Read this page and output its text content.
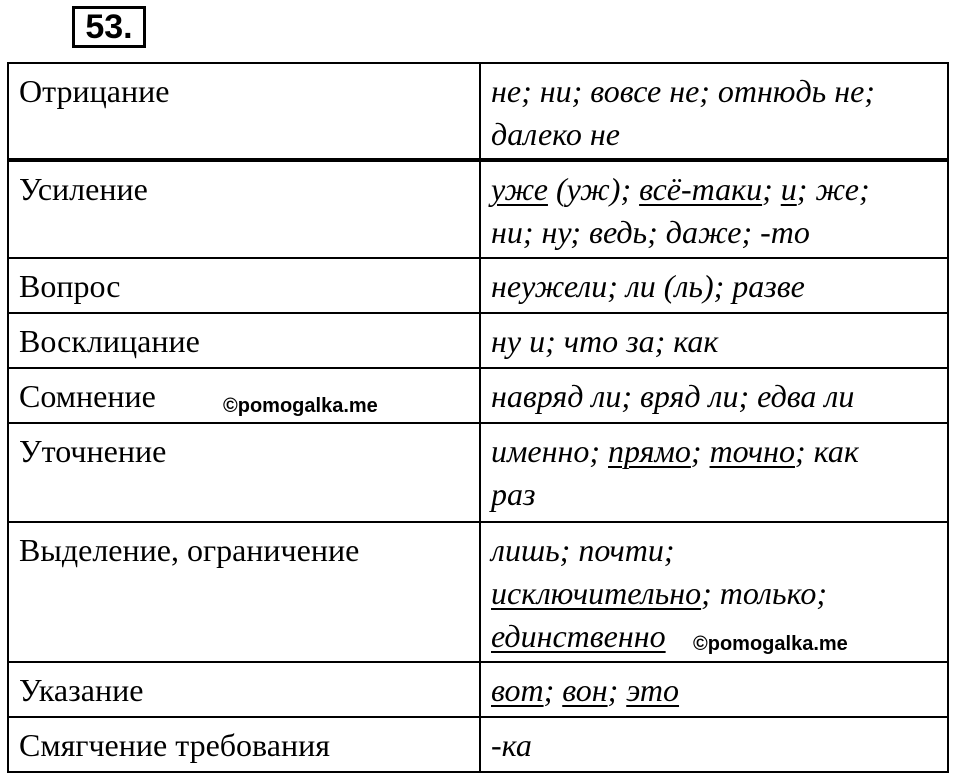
53.
Отрицание	не; ни; вовсе не; отнюдь не;
далеко не
Усиление	уже (уж); всё-таки; и; же;
ни; ну; ведь; даже; -то
Вопрос	неужели; ли (ль); разве
Восклицание	ну и; что за; как
Сомнение ©pomogalka.me	навряд ли; вряд ли; едва ли
Уточнение	именно; прямо; точно; как
раз
Выделение, ограничение	лишь; почти;
исключительно; только;
единственно ©pomogalka.me

Указание	вот; вон; это
Смягчение требования	-ка
